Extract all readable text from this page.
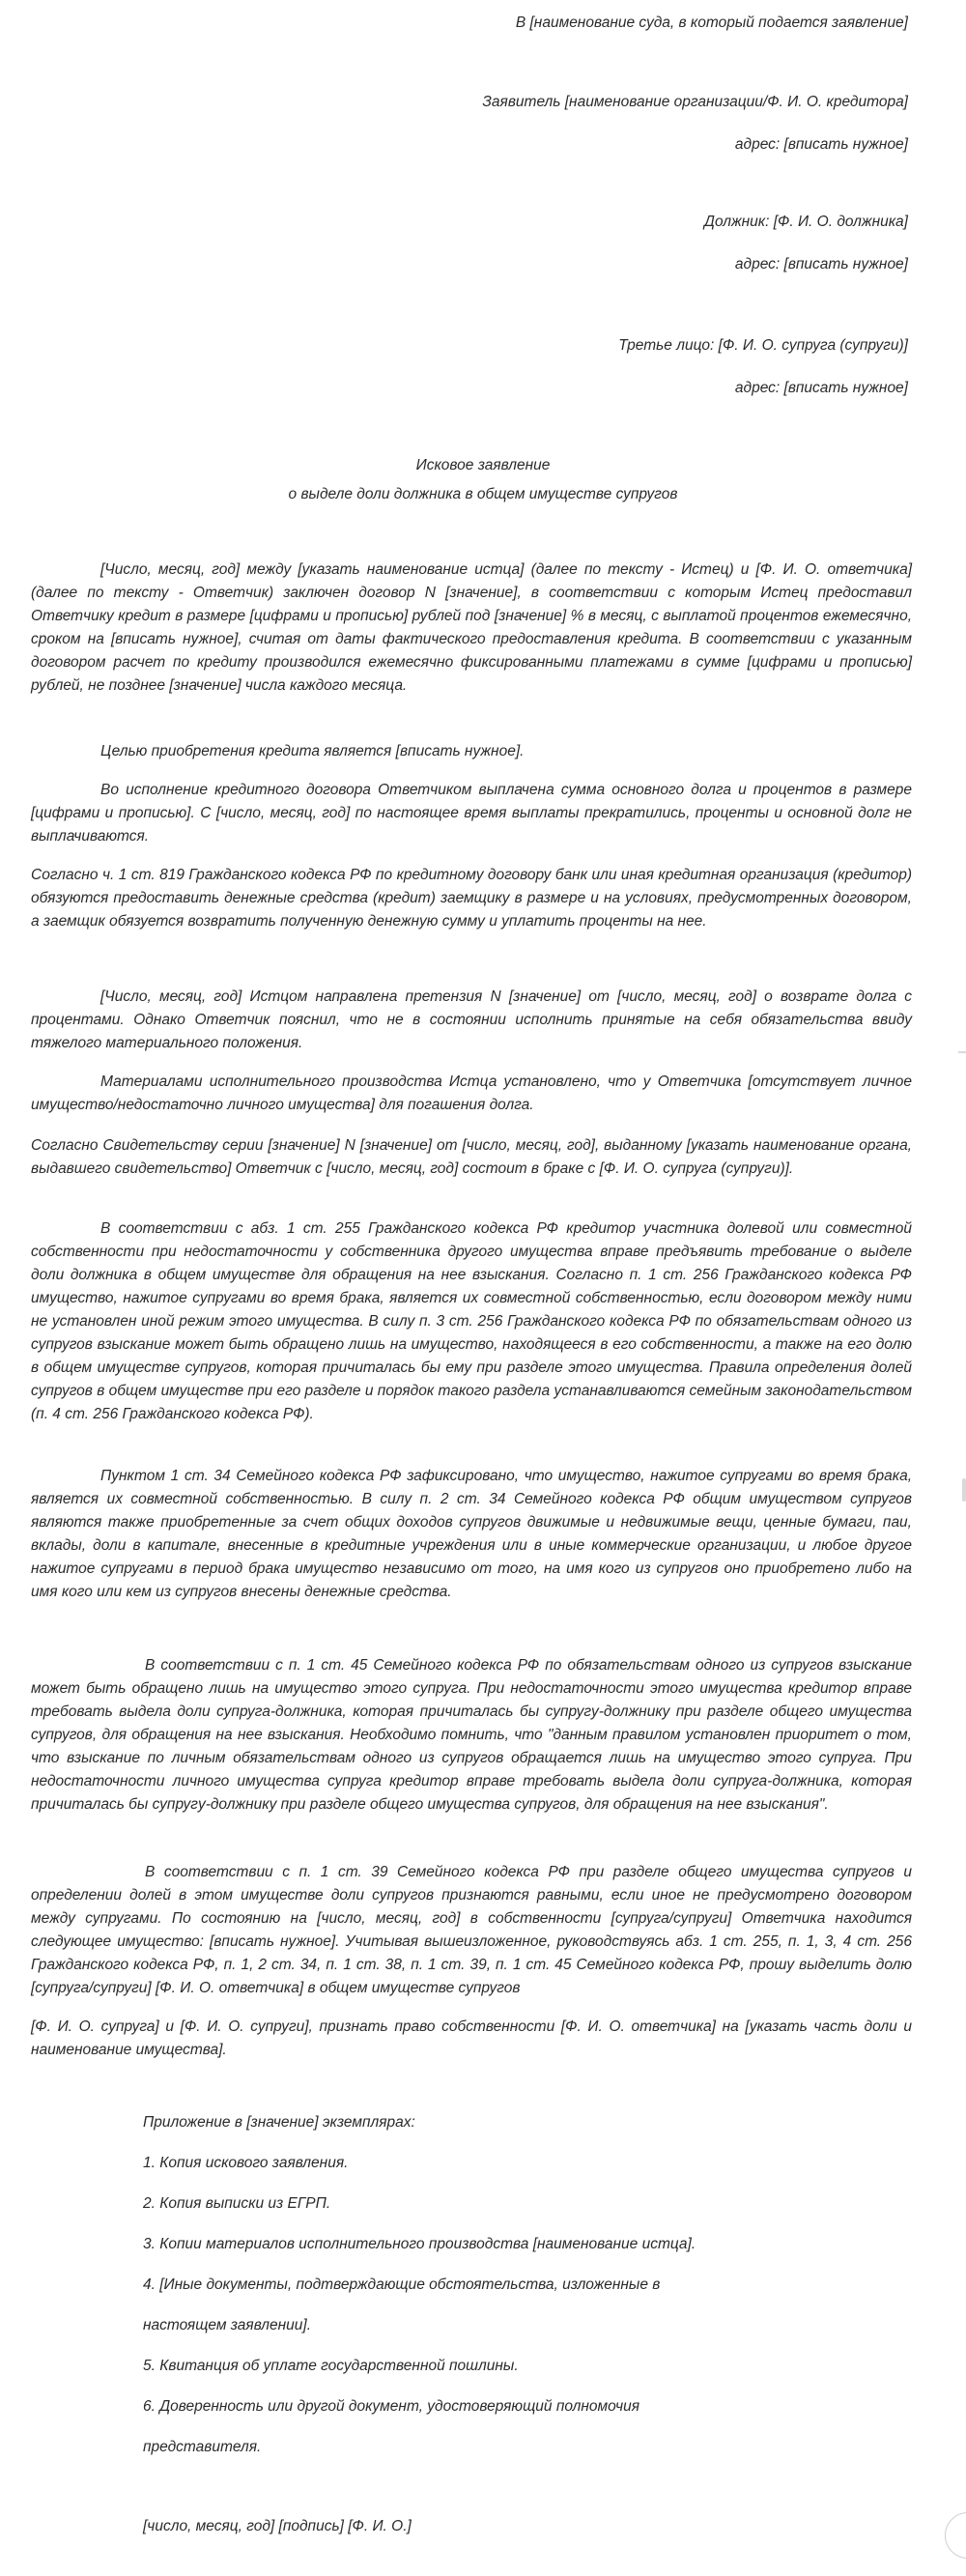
В [наименование суда, в который подается заявление]
Заявитель [наименование организации/Ф. И. О. кредитора]
адрес: [вписать нужное]
Должник: [Ф. И. О. должника]
адрес: [вписать нужное]
Третье лицо: [Ф. И. О. супруга (супруги)]
адрес: [вписать нужное]
Исковое заявление
о выделе доли должника в общем имуществе супругов

[Число, месяц, год] между [указать наименование истца] (далее по тексту - Истец) и [Ф. И. О. ответчика] (далее по тексту - Ответчик) заключен договор N [значение], в соответствии с которым Истец предоставил Ответчику кредит в размере [цифрами и прописью] рублей под [значение] % в месяц, с выплатой процентов ежемесячно, сроком на [вписать нужное], считая от даты фактического предоставления кредита. В соответствии с указанным договором расчет по кредиту производился ежемесячно фиксированными платежами в сумме [цифрами и прописью] рублей, не позднее [значение] числа каждого месяца.

Целью приобретения кредита является [вписать нужное].

Во исполнение кредитного договора Ответчиком выплачена сумма основного долга и процентов в размере [цифрами и прописью]. С [число, месяц, год] по настоящее время выплаты прекратились, проценты и основной долг не выплачиваются.

Согласно ч. 1 ст. 819 Гражданского кодекса РФ по кредитному договору банк или иная кредитная организация (кредитор) обязуются предоставить денежные средства (кредит) заемщику в размере и на условиях, предусмотренных договором, а заемщик обязуется возвратить полученную денежную сумму и уплатить проценты на нее.

[Число, месяц, год] Истцом направлена претензия N [значение] от [число, месяц, год] о возврате долга с процентами. Однако Ответчик пояснил, что не в состоянии исполнить принятые на себя обязательства ввиду тяжелого материального положения.

Материалами исполнительного производства Истца установлено, что у Ответчика [отсутствует личное имущество/недостаточно личного имущества] для погашения долга.

Согласно Свидетельству серии [значение] N [значение] от [число, месяц, год], выданному [указать наименование органа, выдавшего свидетельство] Ответчик с [число, месяц, год] состоит в браке с [Ф. И. О. супруга (супруги)].

В соответствии с абз. 1 ст. 255 Гражданского кодекса РФ кредитор участника долевой или совместной собственности при недостаточности у собственника другого имущества вправе предъявить требование о выделе доли должника в общем имуществе для обращения на нее взыскания. Согласно п. 1 ст. 256 Гражданского кодекса РФ имущество, нажитое супругами во время брака, является их совместной собственностью, если договором между ними не установлен иной режим этого имущества. В силу п. 3 ст. 256 Гражданского кодекса РФ по обязательствам одного из супругов взыскание может быть обращено лишь на имущество, находящееся в его собственности, а также на его долю в общем имуществе супругов, которая причиталась бы ему при разделе этого имущества. Правила определения долей супругов в общем имуществе при его разделе и порядок такого раздела устанавливаются семейным законодательством (п. 4 ст. 256 Гражданского кодекса РФ).

Пунктом 1 ст. 34 Семейного кодекса РФ зафиксировано, что имущество, нажитое супругами во время брака, является их совместной собственностью. В силу п. 2 ст. 34 Семейного кодекса РФ общим имуществом супругов являются также приобретенные за счет общих доходов супругов движимые и недвижимые вещи, ценные бумаги, паи, вклады, доли в капитале, внесенные в кредитные учреждения или в иные коммерческие организации, и любое другое нажитое супругами в период брака имущество независимо от того, на имя кого из супругов оно приобретено либо на имя кого или кем из супругов внесены денежные средства.

В соответствии с п. 1 ст. 45 Семейного кодекса РФ по обязательствам одного из супругов взыскание может быть обращено лишь на имущество этого супруга. При недостаточности этого имущества кредитор вправе требовать выдела доли супруга-должника, которая причиталась бы супругу-должнику при разделе общего имущества супругов, для обращения на нее взыскания. Необходимо помнить, что "данным правилом установлен приоритет о том, что взыскание по личным обязательствам одного из супругов обращается лишь на имущество этого супруга. При недостаточности личного имущества супруга кредитор вправе требовать выдела доли супруга-должника, которая причиталась бы супругу-должнику при разделе общего имущества супругов, для обращения на нее взыскания".

В соответствии с п. 1 ст. 39 Семейного кодекса РФ при разделе общего имущества супругов и определении долей в этом имуществе доли супругов признаются равными, если иное не предусмотрено договором между супругами. По состоянию на [число, месяц, год] в собственности [супруга/супруги] Ответчика находится следующее имущество: [вписать нужное]. Учитывая вышеизложенное, руководствуясь абз. 1 ст. 255, п. 1, 3, 4 ст. 256 Гражданского кодекса РФ, п. 1, 2 ст. 34, п. 1 ст. 38, п. 1 ст. 39, п. 1 ст. 45 Семейного кодекса РФ, прошу выделить долю [супруга/супруги] [Ф. И. О. ответчика] в общем имуществе супругов

[Ф. И. О. супруга] и [Ф. И. О. супруги], признать право собственности [Ф. И. О. ответчика] на [указать часть доли и наименование имущества].

Приложение в [значение] экземплярах:
1. Копия искового заявления.
2. Копия выписки из ЕГРП.
3. Копии материалов исполнительного производства [наименование истца].
4. [Иные документы, подтверждающие обстоятельства, изложенные в
настоящем заявлении].
5. Квитанция об уплате государственной пошлины.
6. Доверенность или другой документ, удостоверяющий полномочия
представителя.
[число, месяц, год] [подпись] [Ф. И. О.]
